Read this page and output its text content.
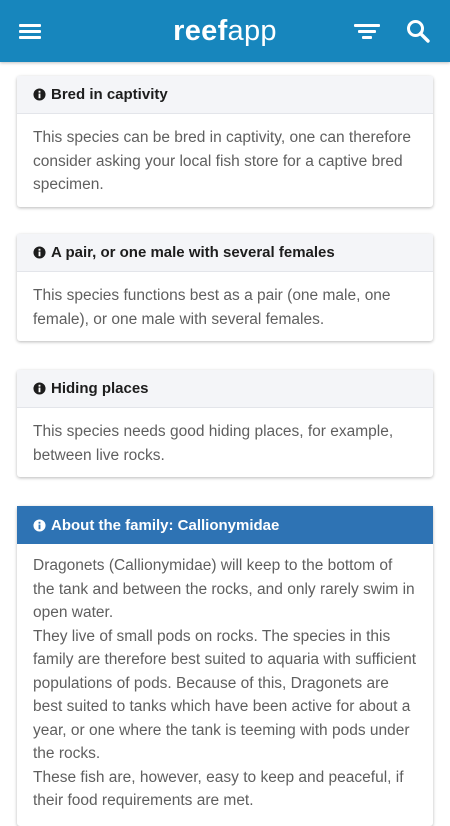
reefapp
Bred in captivity
This species can be bred in captivity, one can therefore consider asking your local fish store for a captive bred specimen.
A pair, or one male with several females
This species functions best as a pair (one male, one female), or one male with several females.
Hiding places
This species needs good hiding places, for example, between live rocks.
About the family: Callionymidae

Dragonets (Callionymidae) will keep to the bottom of the tank and between the rocks, and only rarely swim in open water.

They live of small pods on rocks. The species in this family are therefore best suited to aquaria with sufficient populations of pods. Because of this, Dragonets are best suited to tanks which have been active for about a year, or one where the tank is teeming with pods under the rocks.

These fish are, however, easy to keep and peaceful, if their food requirements are met.
